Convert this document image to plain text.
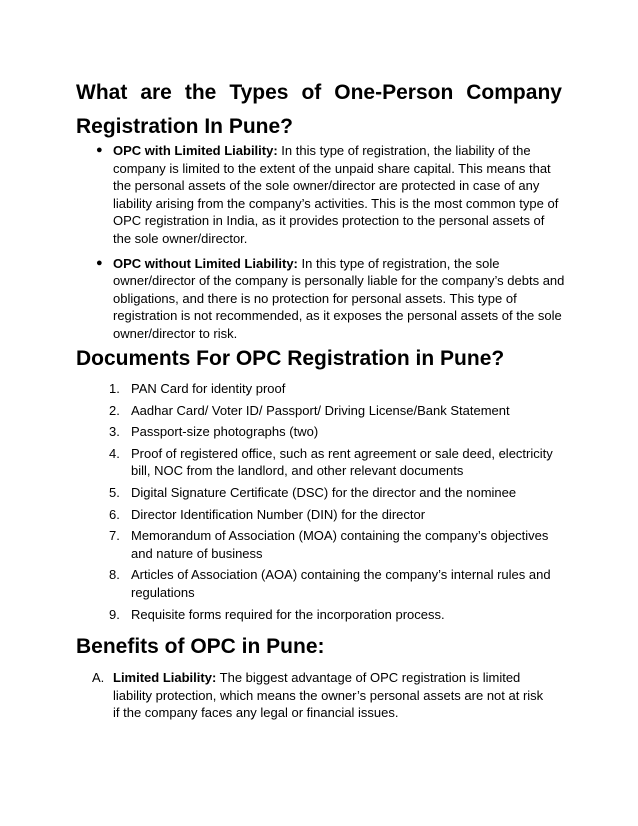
What are the Types of One-Person Company
Registration In Pune?
● OPC with Limited Liability: In this type of registration, the liability of the company is limited to the extent of the unpaid share capital. This means that the personal assets of the sole owner/director are protected in case of any liability arising from the company’s activities. This is the most common type of OPC registration in India, as it provides protection to the personal assets of the sole owner/director.
● OPC without Limited Liability: In this type of registration, the sole owner/director of the company is personally liable for the company’s debts and obligations, and there is no protection for personal assets. This type of registration is not recommended, as it exposes the personal assets of the sole owner/director to risk.
Documents For OPC Registration in Pune?
1. PAN Card for identity proof
2. Aadhar Card/ Voter ID/ Passport/ Driving License/Bank Statement
3. Passport-size photographs (two)
4. Proof of registered office, such as rent agreement or sale deed, electricity bill, NOC from the landlord, and other relevant documents
5. Digital Signature Certificate (DSC) for the director and the nominee
6. Director Identification Number (DIN) for the director
7. Memorandum of Association (MOA) containing the company’s objectives and nature of business
8. Articles of Association (AOA) containing the company’s internal rules and regulations
9. Requisite forms required for the incorporation process.
Benefits of OPC in Pune:
A. Limited Liability: The biggest advantage of OPC registration is limited liability protection, which means the owner’s personal assets are not at risk if the company faces any legal or financial issues.
